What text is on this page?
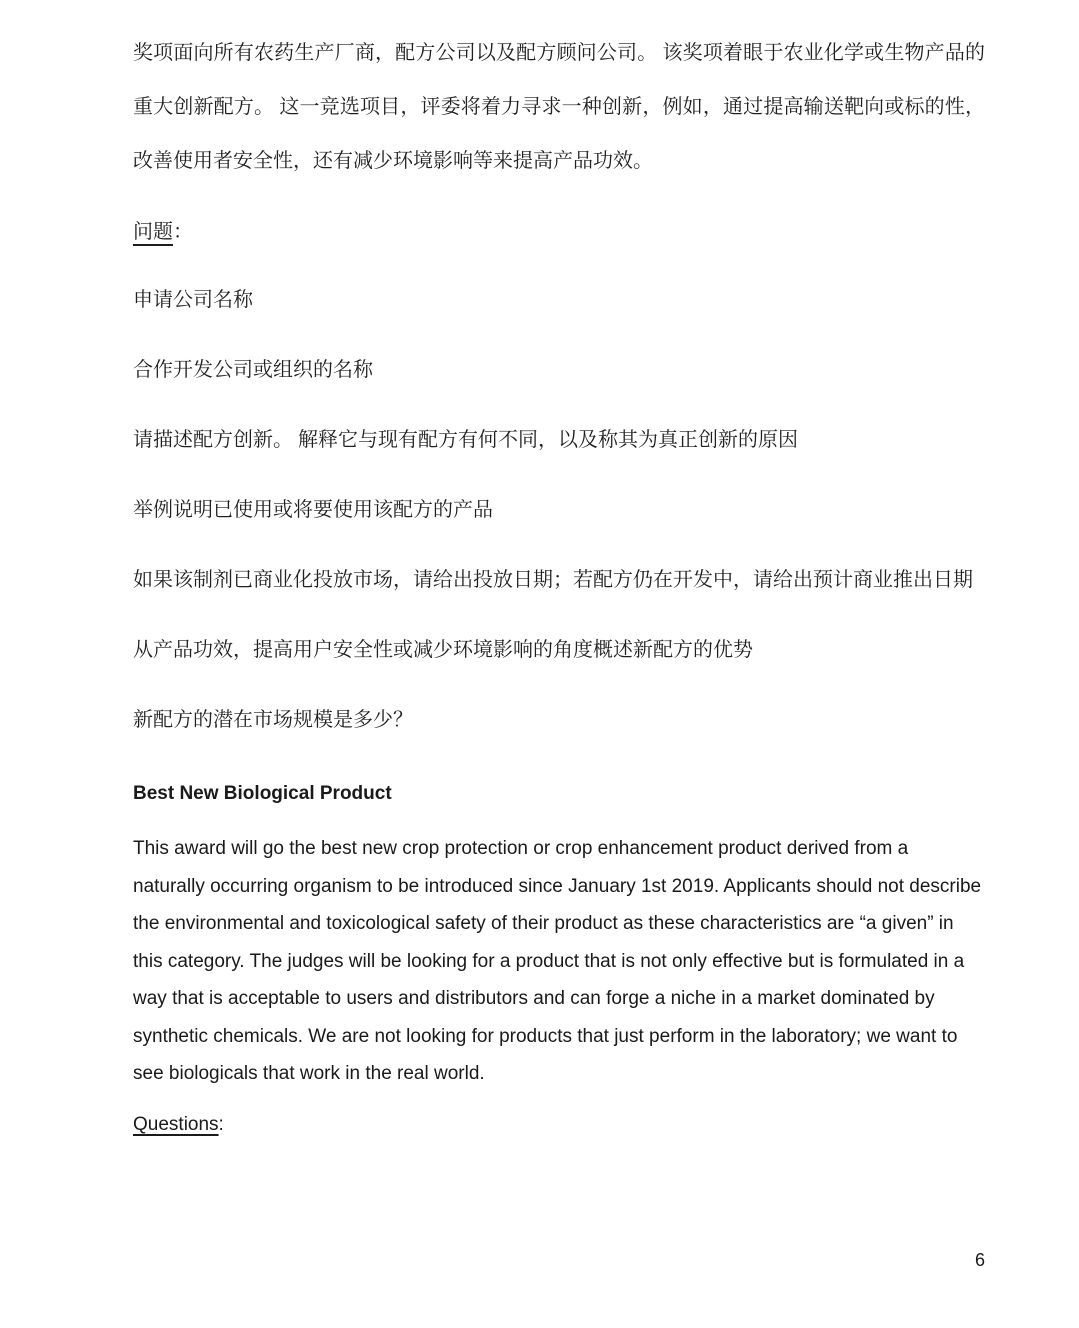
奖项面向所有农药生产厂商，配方公司以及配方顾问公司。 该奖项着眼于农业化学或生物产品的重大创新配方。 这一竞选项目，评委将着力寻求一种创新，例如，通过提高输送靶向或标的性，改善使用者安全性，还有减少环境影响等来提高产品功效。

问题：

申请公司名称

合作开发公司或组织的名称

请描述配方创新。 解释它与现有配方有何不同，以及称其为真正创新的原因

举例说明已使用或将要使用该配方的产品

如果该制剂已商业化投放市场，请给出投放日期；若配方仍在开发中，请给出预计商业推出日期

从产品功效，提高用户安全性或减少环境影响的角度概述新配方的优势

新配方的潜在市场规模是多少？

Best New Biological Product

This award will go the best new crop protection or crop enhancement product derived from a naturally occurring organism to be introduced since January 1st 2019. Applicants should not describe the environmental and toxicological safety of their product as these characteristics are “a given” in this category. The judges will be looking for a product that is not only effective but is formulated in a way that is acceptable to users and distributors and can forge a niche in a market dominated by synthetic chemicals. We are not looking for products that just perform in the laboratory; we want to see biologicals that work in the real world.

Questions:

6
